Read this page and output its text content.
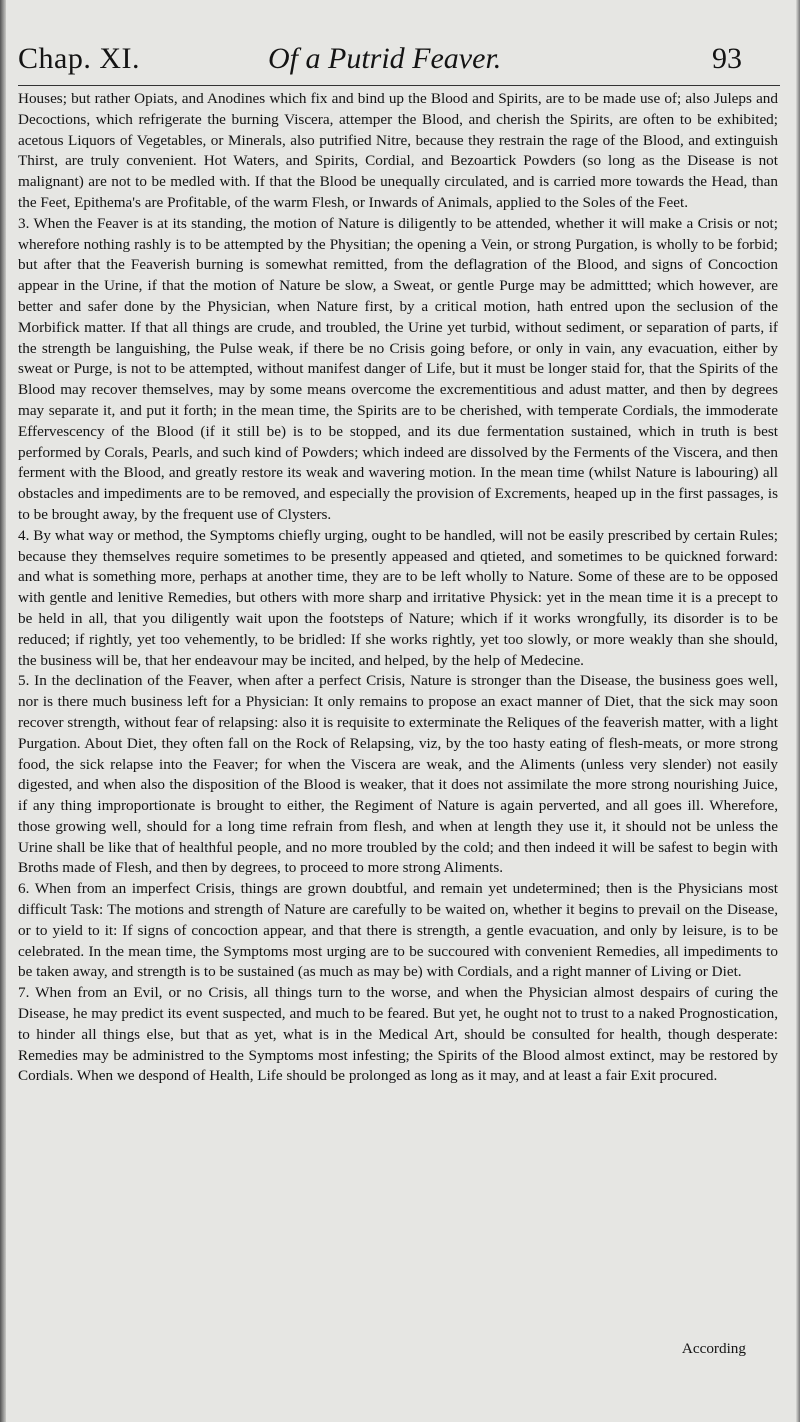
Chap. XI.	Of a Putrid Feaver.	93

Houses; but rather Opiats, and Anodines which fix and bind up the Blood and Spirits, are to be made use of; also Juleps and Decoctions, which refrigerate the burning Viscera, attemper the Blood, and cherish the Spirits, are often to be exhibited; acetous Liquors of Vegetables, or Minerals, also putrified Nitre, because they restrain the rage of the Blood, and extinguish Thirst, are truly convenient. Hot Waters, and Spirits, Cordial, and Bezoartick Powders (so long as the Disease is not malignant) are not to be medled with. If that the Blood be unequally circulated, and is carried more towards the Head, than the Feet, Epithema's are Profitable, of the warm Flesh, or Inwards of Animals, applied to the Soles of the Feet.

3. When the Feaver is at its standing, the motion of Nature is diligently to be attended, whether it will make a Crisis or not; wherefore nothing rashly is to be attempted by the Physitian; the opening a Vein, or strong Purgation, is wholly to be forbid; but after that the Feaverish burning is somewhat remitted, from the deflagration of the Blood, and signs of Concoction appear in the Urine, if that the motion of Nature be slow, a Sweat, or gentle Purge may be admittted; which however, are better and safer done by the Physician, when Nature first, by a critical motion, hath entred upon the seclusion of the Morbifick matter. If that all things are crude, and troubled, the Urine yet turbid, without sediment, or separation of parts, if the strength be languishing, the Pulse weak, if there be no Crisis going before, or only in vain, any evacuation, either by sweat or Purge, is not to be attempted, without manifest danger of Life, but it must be longer staid for, that the Spirits of the Blood may recover themselves, may by some means overcome the excrementitious and adust matter, and then by degrees may separate it, and put it forth; in the mean time, the Spirits are to be cherished, with temperate Cordials, the immoderate Effervescency of the Blood (if it still be) is to be stopped, and its due fermentation sustained, which in truth is best performed by Corals, Pearls, and such kind of Powders; which indeed are dissolved by the Ferments of the Viscera, and then ferment with the Blood, and greatly restore its weak and wavering motion. In the mean time (whilst Nature is labouring) all obstacles and impediments are to be removed, and especially the provision of Excrements, heaped up in the first passages, is to be brought away, by the frequent use of Clysters.

4. By what way or method, the Symptoms chiefly urging, ought to be handled, will not be easily prescribed by certain Rules; because they themselves require sometimes to be presently appeased and qtieted, and sometimes to be quickned forward: and what is something more, perhaps at another time, they are to be left wholly to Nature. Some of these are to be opposed with gentle and lenitive Remedies, but others with more sharp and irritative Physick: yet in the mean time it is a precept to be held in all, that you diligently wait upon the footsteps of Nature; which if it works wrongfully, its disorder is to be reduced; if rightly, yet too vehemently, to be bridled: If she works rightly, yet too slowly, or more weakly than she should, the business will be, that her endeavour may be incited, and helped, by the help of Medecine.

5. In the declination of the Feaver, when after a perfect Crisis, Nature is stronger than the Disease, the business goes well, nor is there much business left for a Physician: It only remains to propose an exact manner of Diet, that the sick may soon recover strength, without fear of relapsing: also it is requisite to exterminate the Reliques of the feaverish matter, with a light Purgation. About Diet, they often fall on the Rock of Relapsing, viz, by the too hasty eating of flesh-meats, or more strong food, the sick relapse into the Feaver; for when the Viscera are weak, and the Aliments (unless very slender) not easily digested, and when also the disposition of the Blood is weaker, that it does not assimilate the more strong nourishing Juice, if any thing improportionate is brought to either, the Regiment of Nature is again perverted, and all goes ill. Wherefore, those growing well, should for a long time refrain from flesh, and when at length they use it, it should not be unless the Urine shall be like that of healthful people, and no more troubled by the cold; and then indeed it will be safest to begin with Broths made of Flesh, and then by degrees, to proceed to more strong Aliments.

6. When from an imperfect Crisis, things are grown doubtful, and remain yet undetermined; then is the Physicians most difficult Task: The motions and strength of Nature are carefully to be waited on, whether it begins to prevail on the Disease, or to yield to it: If signs of concoction appear, and that there is strength, a gentle evacuation, and only by leisure, is to be celebrated. In the mean time, the Symptoms most urging are to be succoured with convenient Remedies, all impediments to be taken away, and strength is to be sustained (as much as may be) with Cordials, and a right manner of Living or Diet.

7. When from an Evil, or no Crisis, all things turn to the worse, and when the Physician almost despairs of curing the Disease, he may predict its event suspected, and much to be feared. But yet, he ought not to trust to a naked Prognostication, to hinder all things else, but that as yet, what is in the Medical Art, should be consulted for health, though desperate: Remedies may be administred to the Symptoms most infesting; the Spirits of the Blood almost extinct, may be restored by Cordials. When we despond of Health, Life should be prolonged as long as it may, and at least a fair Exit procured.

According
